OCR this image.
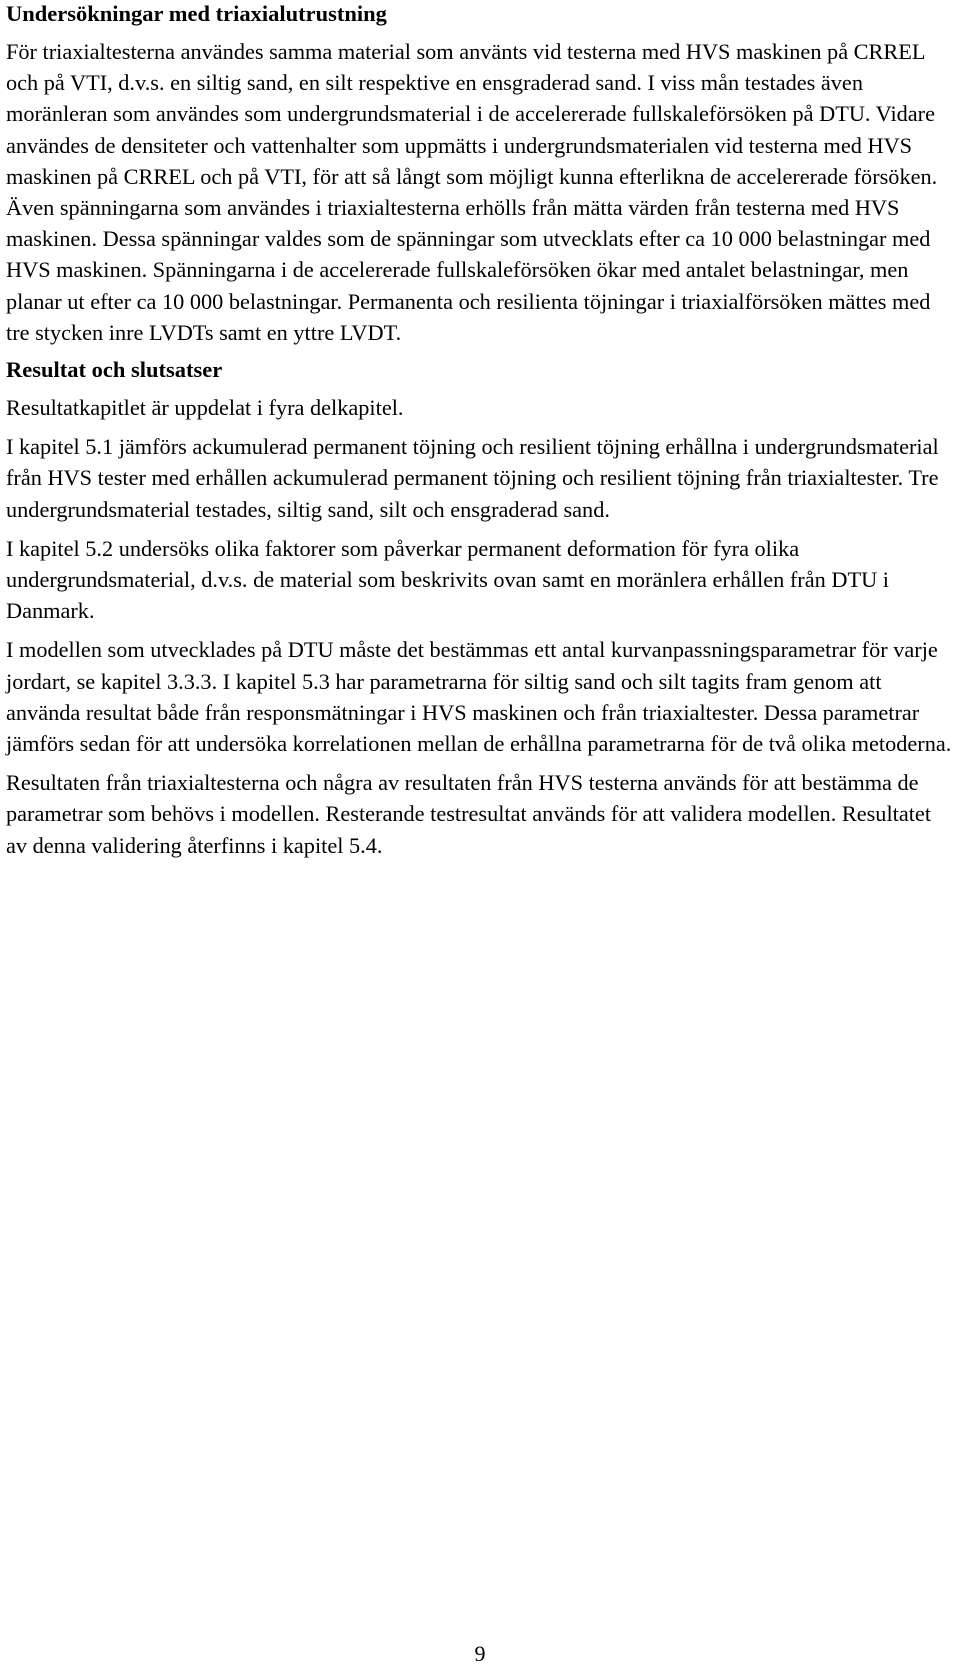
Undersökningar med triaxialutrustning

För triaxialtesterna användes samma material som använts vid testerna med HVS maskinen på CRREL och på VTI, d.v.s. en siltig sand, en silt respektive en ensgraderad sand. I viss mån testades även moränleran som användes som undergrundsmaterial i de accelererade fullskaleförsöken på DTU. Vidare användes de densiteter och vattenhalter som uppmätts i undergrundsmaterialen vid testerna med HVS maskinen på CRREL och på VTI, för att så långt som möjligt kunna efterlikna de accelererade försöken. Även spänningarna som användes i triaxialtesterna erhölls från mätta värden från testerna med HVS maskinen. Dessa spänningar valdes som de spänningar som utvecklats efter ca 10 000 belastningar med HVS maskinen. Spänningarna i de accelererade fullskaleförsöken ökar med antalet belastningar, men planar ut efter ca 10 000 belastningar. Permanenta och resilienta töjningar i triaxialförsöken mättes med tre stycken inre LVDTs samt en yttre LVDT.

Resultat och slutsatser

Resultatkapitlet är uppdelat i fyra delkapitel.

I kapitel 5.1 jämförs ackumulerad permanent töjning och resilient töjning erhållna i undergrundsmaterial från HVS tester med erhållen ackumulerad permanent töjning och resilient töjning från triaxialtester. Tre undergrundsmaterial testades, siltig sand, silt och ensgraderad sand.

I kapitel 5.2 undersöks olika faktorer som påverkar permanent deformation för fyra olika undergrundsmaterial, d.v.s. de material som beskrivits ovan samt en moränlera erhållen från DTU i Danmark.

I modellen som utvecklades på DTU måste det bestämmas ett antal kurvanpassningsparametrar för varje jordart, se kapitel 3.3.3. I kapitel 5.3 har parametrarna för siltig sand och silt tagits fram genom att använda resultat både från responsmätningar i HVS maskinen och från triaxialtester. Dessa parametrar jämförs sedan för att undersöka korrelationen mellan de erhållna parametrarna för de två olika metoderna.

Resultaten från triaxialtesterna och några av resultaten från HVS testerna används för att bestämma de parametrar som behövs i modellen. Resterande testresultat används för att validera modellen. Resultatet av denna validering återfinns i kapitel 5.4.

9
